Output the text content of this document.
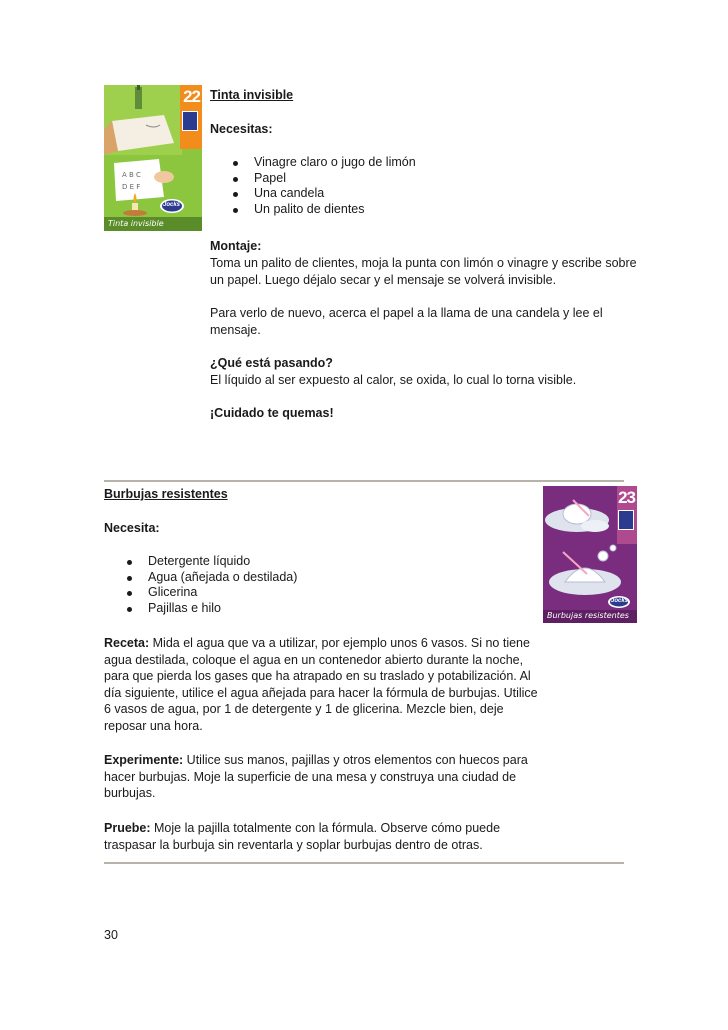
A B C
D E F
22
Jocks
Tinta invisible
Tinta invisible
Necesitas:
Vinagre claro o jugo de limón
Papel
Una candela
Un palito de dientes
Montaje:
Toma un palito de clientes, moja la punta con limón o vinagre y escribe sobre
un papel. Luego déjalo secar y el mensaje se volverá invisible.
Para verlo de nuevo, acerca el papel a la llama de una candela y lee el
mensaje.
¿Qué está pasando?
El líquido al ser expuesto al calor, se oxida, lo cual lo torna visible.
¡Cuidado te quemas!
23
Jocks
Burbujas resistentes
Burbujas resistentes
Necesita:
Detergente líquido
Agua (añejada o destilada)
Glicerina
Pajillas e hilo
Receta: Mida el agua que va a utilizar, por ejemplo unos 6 vasos. Si no tiene
agua destilada, coloque el agua en un contenedor abierto durante la noche,
para que pierda los gases que ha atrapado en su traslado y potabilización. Al
día siguiente, utilice el agua añejada para hacer la fórmula de burbujas. Utilice
6 vasos de agua, por 1 de detergente y 1 de glicerina. Mezcle bien, deje
reposar una hora.
Experimente: Utilice sus manos, pajillas y otros elementos con huecos para
hacer burbujas. Moje la superficie de una mesa y construya una ciudad de
burbujas.
Pruebe: Moje la pajilla totalmente con la fórmula. Observe cómo puede
traspasar la burbuja sin reventarla y soplar burbujas dentro de otras.
30
